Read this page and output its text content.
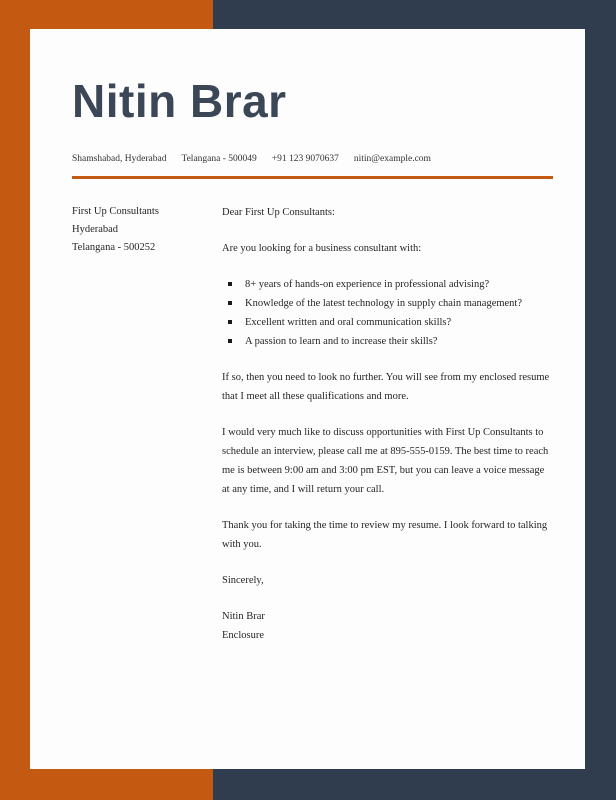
Nitin Brar
Shamshabad, Hyderabad Telangana - 500049 +91 123 9070637 nitin@example.com
First Up Consultants
Hyderabad
Telangana - 500252

Dear First Up Consultants:

Are you looking for a business consultant with:

8+ years of hands-on experience in professional advising?
Knowledge of the latest technology in supply chain management?
Excellent written and oral communication skills?
A passion to learn and to increase their skills?

If so, then you need to look no further. You will see from my enclosed resume that I meet all these qualifications and more.

I would very much like to discuss opportunities with First Up Consultants to schedule an interview, please call me at 895-555-0159. The best time to reach me is between 9:00 am and 3:00 pm EST, but you can leave a voice message at any time, and I will return your call.

Thank you for taking the time to review my resume. I look forward to talking with you.

Sincerely,

Nitin Brar
Enclosure
